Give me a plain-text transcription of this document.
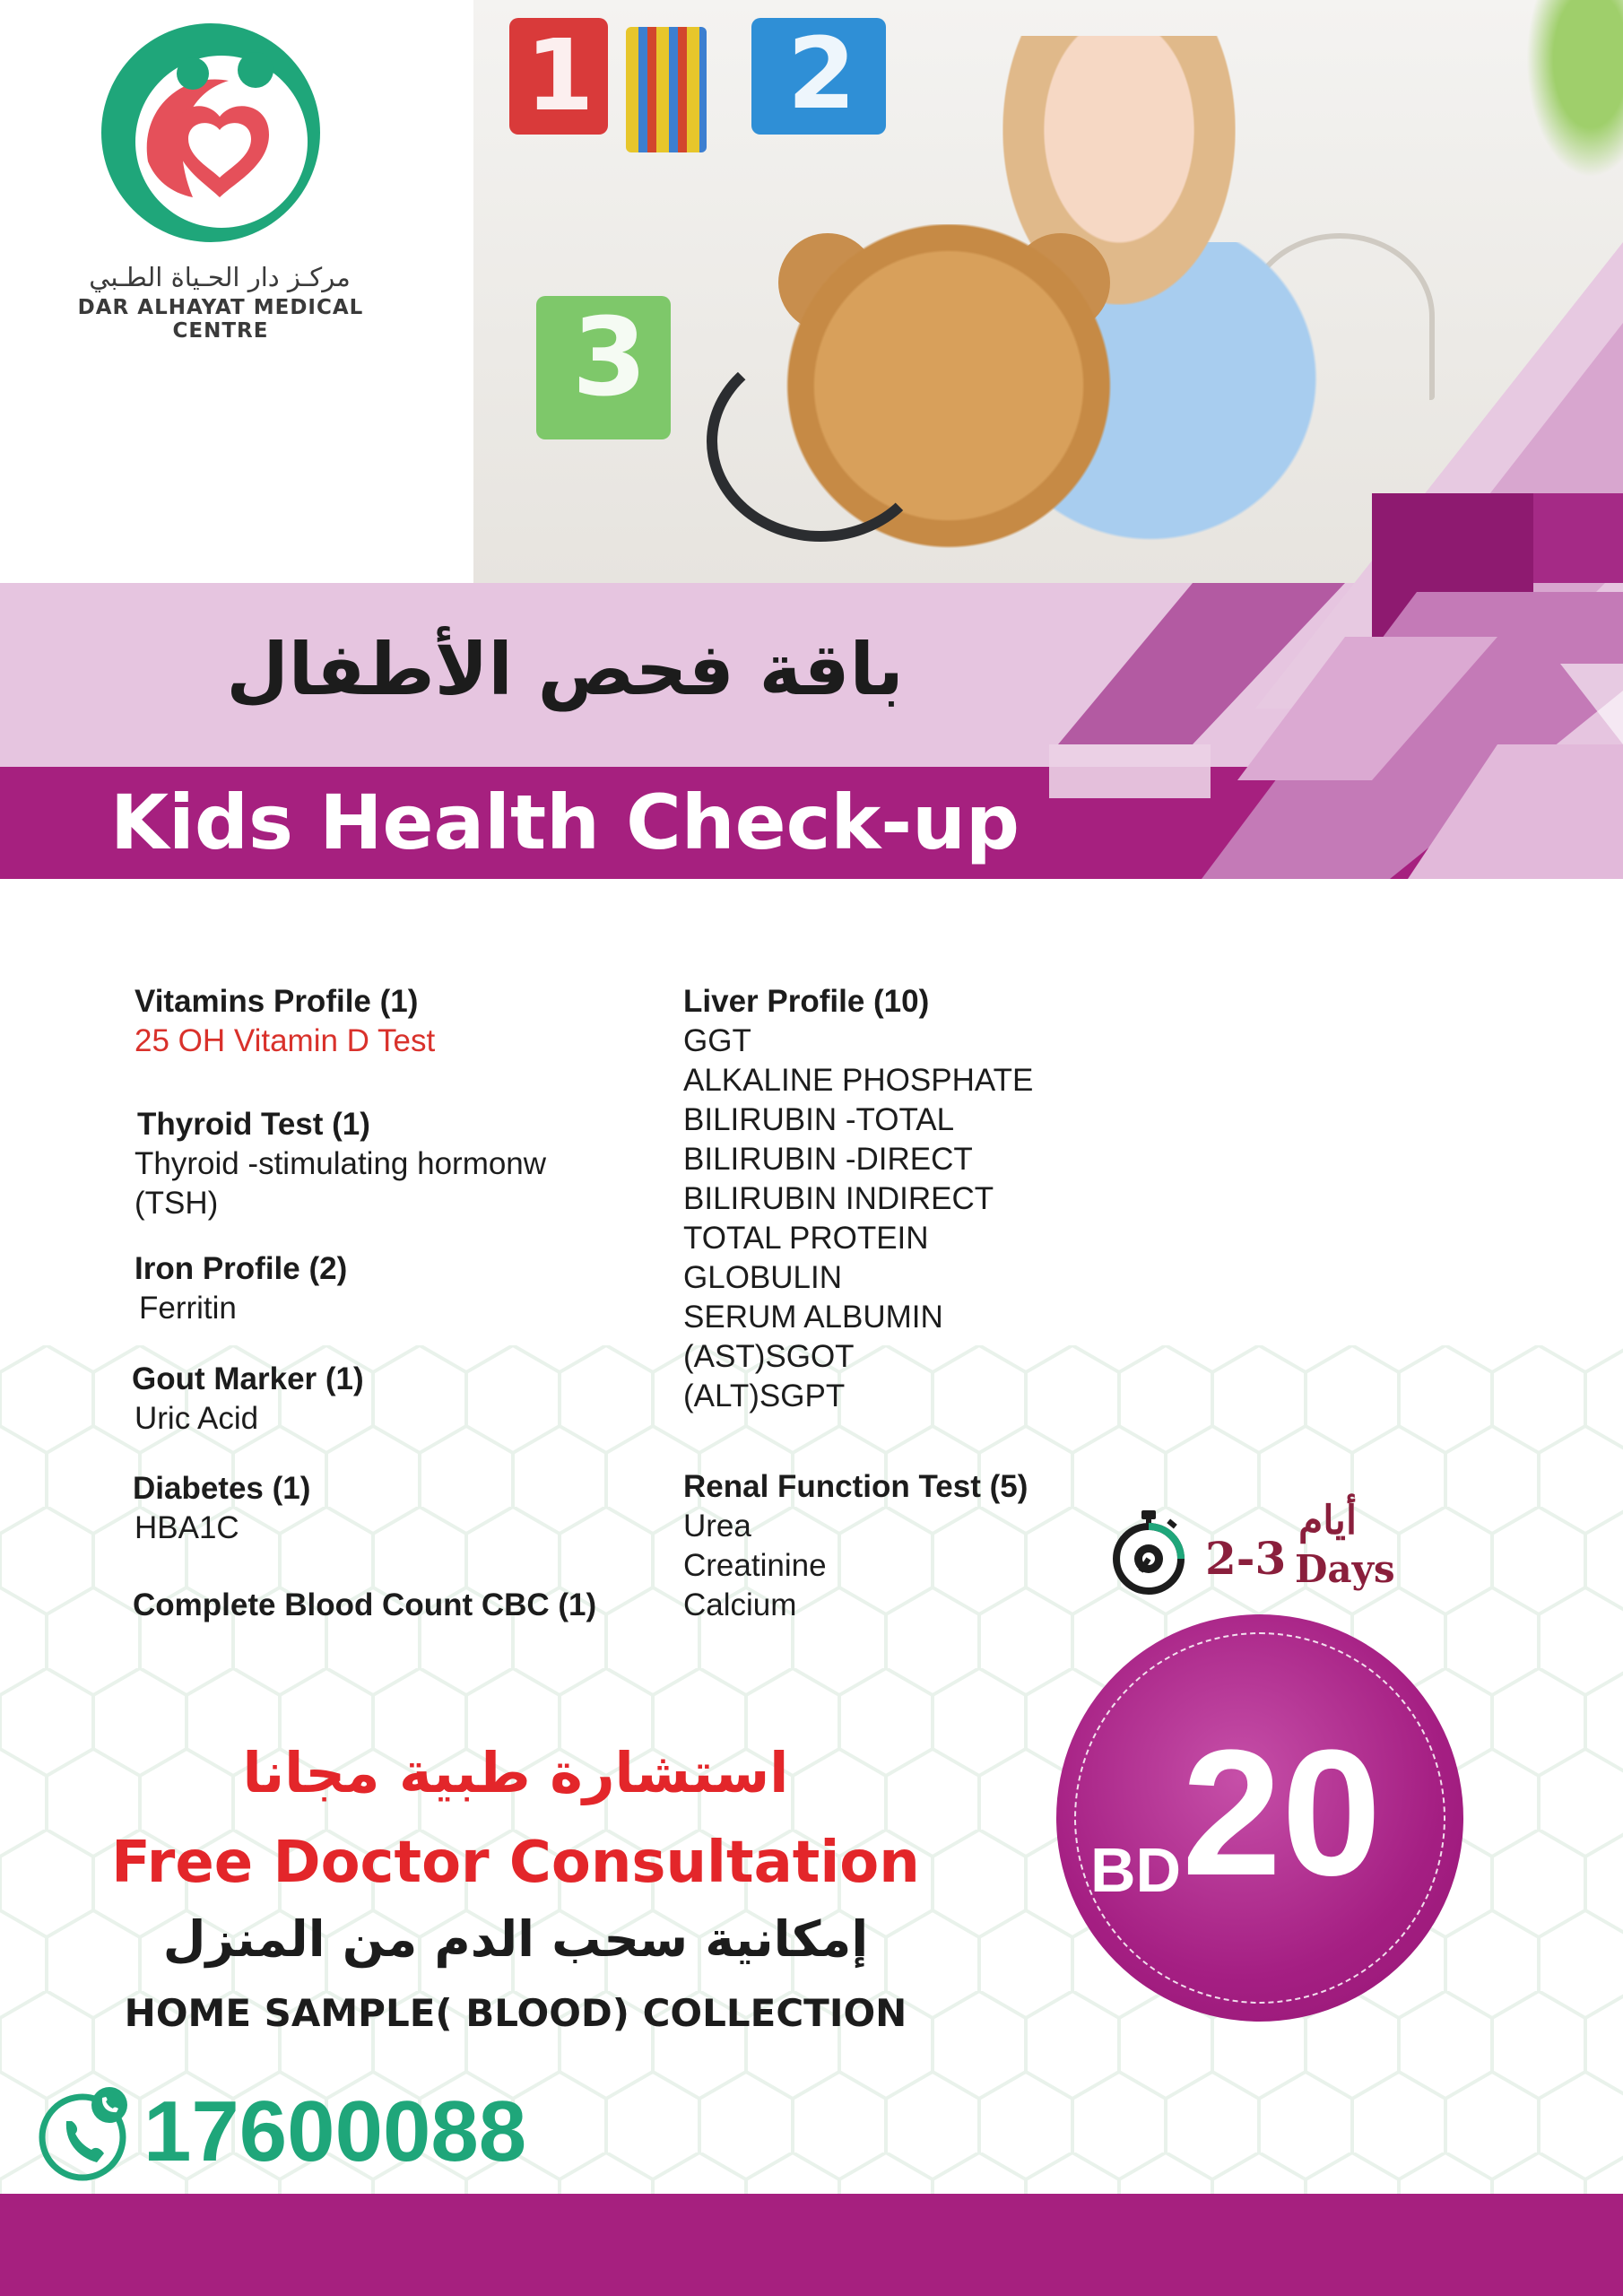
1 2
3
مركـز دار الحـياة الطـبي
DAR ALHAYAT MEDICAL CENTRE
باقة فحص الأطفال
Kids Health Check-up
Vitamins Profile (1)
25 OH Vitamin D Test
Thyroid Test (1)
Thyroid -stimulating hormonw
(TSH)
Iron Profile (2)
Ferritin
Gout Marker (1)
Uric Acid
Diabetes (1)
HBA1C
Complete Blood Count CBC (1)
Liver Profile (10)
GGT
ALKALINE PHOSPHATE
BILIRUBIN -TOTAL
BILIRUBIN -DIRECT
BILIRUBIN INDIRECT
TOTAL PROTEIN
GLOBULIN
SERUM ALBUMIN
(AST)SGOT
(ALT)SGPT
Renal Function Test (5)
Urea
Creatinine
Calcium
2-3
أيام
Days
BD 20
استشارة طبية مجانا
Free Doctor Consultation
إمكانية سحب الدم من المنزل
HOME SAMPLE( BLOOD) COLLECTION
17600088
